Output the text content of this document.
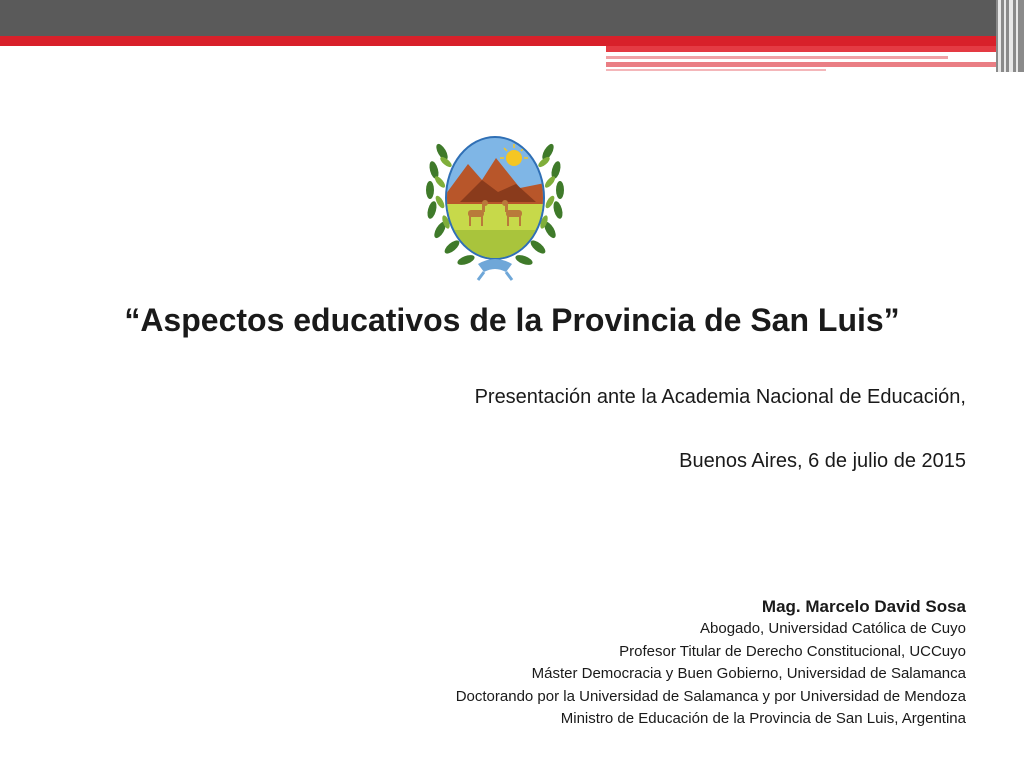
“Aspectos educativos de la Provincia de San Luis”
Presentación ante la Academia Nacional de Educación,
Buenos Aires, 6 de julio de 2015
Mag. Marcelo David Sosa
Abogado, Universidad Católica de Cuyo
Profesor Titular de Derecho Constitucional, UCCuyo
Máster Democracia y Buen Gobierno, Universidad de Salamanca
Doctorando por la Universidad de Salamanca y por Universidad de Mendoza
Ministro de Educación de la Provincia de San Luis, Argentina
